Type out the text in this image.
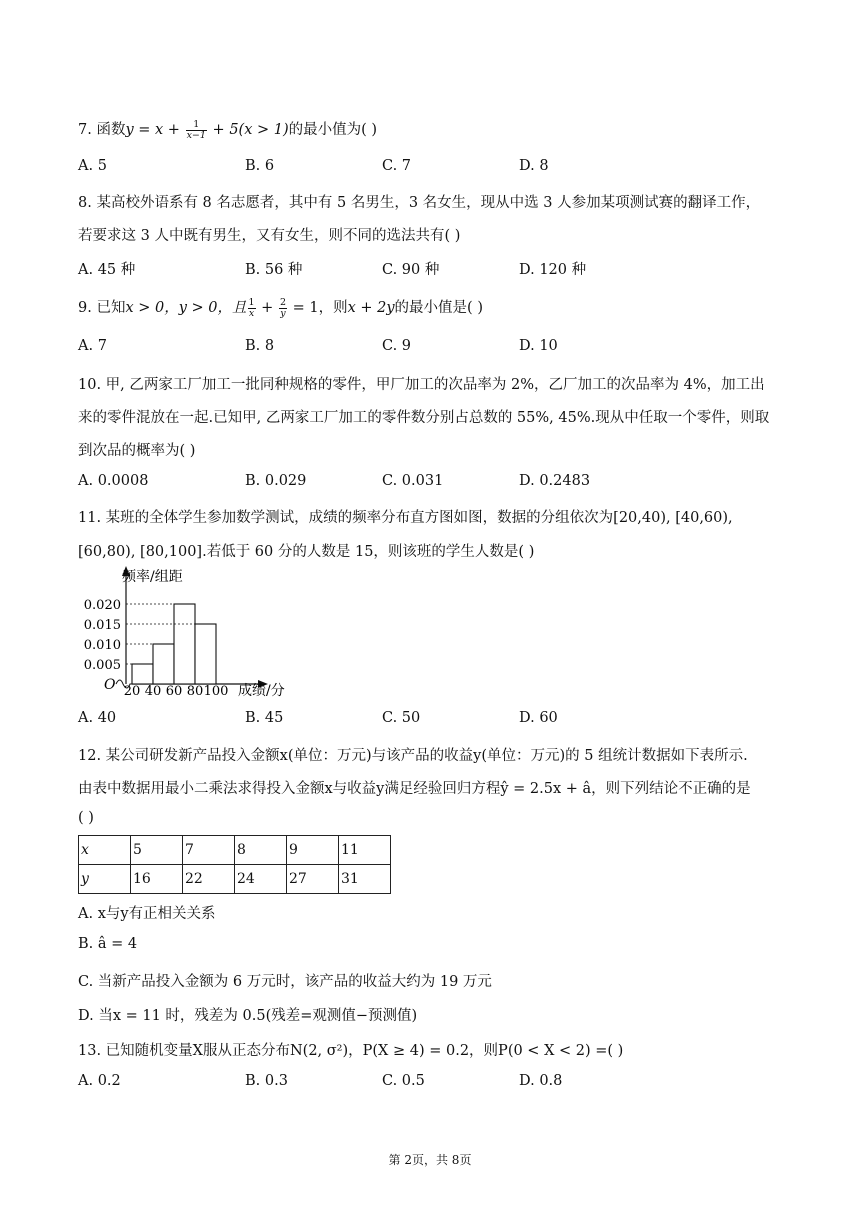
7. 函数$y = x + \frac{1}{x-1} + 5(x > 1)$的最小值为( )
A. 5	B. 6	C. 7	D. 8
8. 某高校外语系有 8 名志愿者，其中有 5 名男生，3 名女生，现从中选 3 人参加某项测试赛的翻译工作，
若要求这 3 人中既有男生，又有女生，则不同的选法共有( )
A. 45 种	B. 56 种	C. 90 种	D. 120 种
9. 已知x > 0，y > 0，且 $\frac{1}{x} + \frac{2}{y} = 1$，则x + 2y的最小值是( )
A. 7	B. 8	C. 9	D. 10
10. 甲, 乙两家工厂加工一批同种规格的零件，甲厂加工的次品率为 2%，乙厂加工的次品率为 4%，加工出
来的零件混放在一起.已知甲, 乙两家工厂加工的零件数分别占总数的 55%, 45%.现从中任取一个零件，则取
到次品的概率为( )
A. 0.0008	B. 0.029	C. 0.031	D. 0.2483
11. 某班的全体学生参加数学测试，成绩的频率分布直方图如图，数据的分组依次为[20,40), [40,60),
[60,80), [80,100].若低于 60 分的人数是 15，则该班的学生人数是( )
频率/组距
成绩/分
O
0.005
0.010
0.015
0.020
20 40 60 80 100
A. 40	B. 45	C. 50	D. 60
12. 某公司研发新产品投入金额x(单位：万元)与该产品的收益y(单位：万元)的 5 组统计数据如下表所示.
由表中数据用最小二乘法求得投入金额x与收益y满足经验回归方程ŷ = 2.5x + â，则下列结论不正确的是
( )
x	5	7	8	9	11
y	16	22	24	27	31
A. x与y有正相关关系
B. â = 4
C. 当新产品投入金额为 6 万元时，该产品的收益大约为 19 万元
D. 当x = 11 时，残差为 0.5(残差=观测值−预测值)
13. 已知随机变量X服从正态分布N(2, σ²)，P(X ≥ 4) = 0.2，则P(0 < X < 2) =( )
A. 0.2	B. 0.3	C. 0.5	D. 0.8
第 2页，共 8页
